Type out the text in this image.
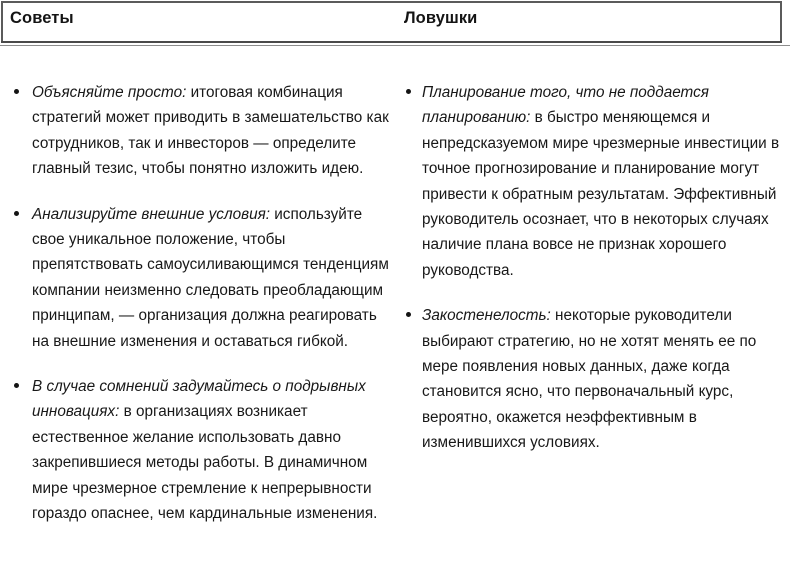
Советы	Ловушки
Объясняйте просто: итоговая комбинация стратегий может приводить в замешательство как сотрудников, так и инвесторов — определите главный тезис, чтобы понятно изложить идею.
Анализируйте внешние условия: используйте свое уникальное положение, чтобы препятствовать самоусиливающимся тенденциям компании неизменно следовать преобладающим принципам, — организация должна реагировать на внешние изменения и оставаться гибкой.
В случае сомнений задумайтесь о подрывных инновациях: в организациях возникает естественное желание использовать давно закрепившиеся методы работы. В динамичном мире чрезмерное стремление к непрерывности гораздо опаснее, чем кардинальные изменения.
Планирование того, что не поддается планированию: в быстро меняющемся и непредсказуемом мире чрезмерные инвестиции в точное прогнозирование и планирование могут привести к обратным результатам. Эффективный руководитель осознает, что в некоторых случаях наличие плана вовсе не признак хорошего руководства.
Закостенелость: некоторые руководители выбирают стратегию, но не хотят менять ее по мере появления новых данных, даже когда становится ясно, что первоначальный курс, вероятно, окажется неэффективным в изменившихся условиях.
